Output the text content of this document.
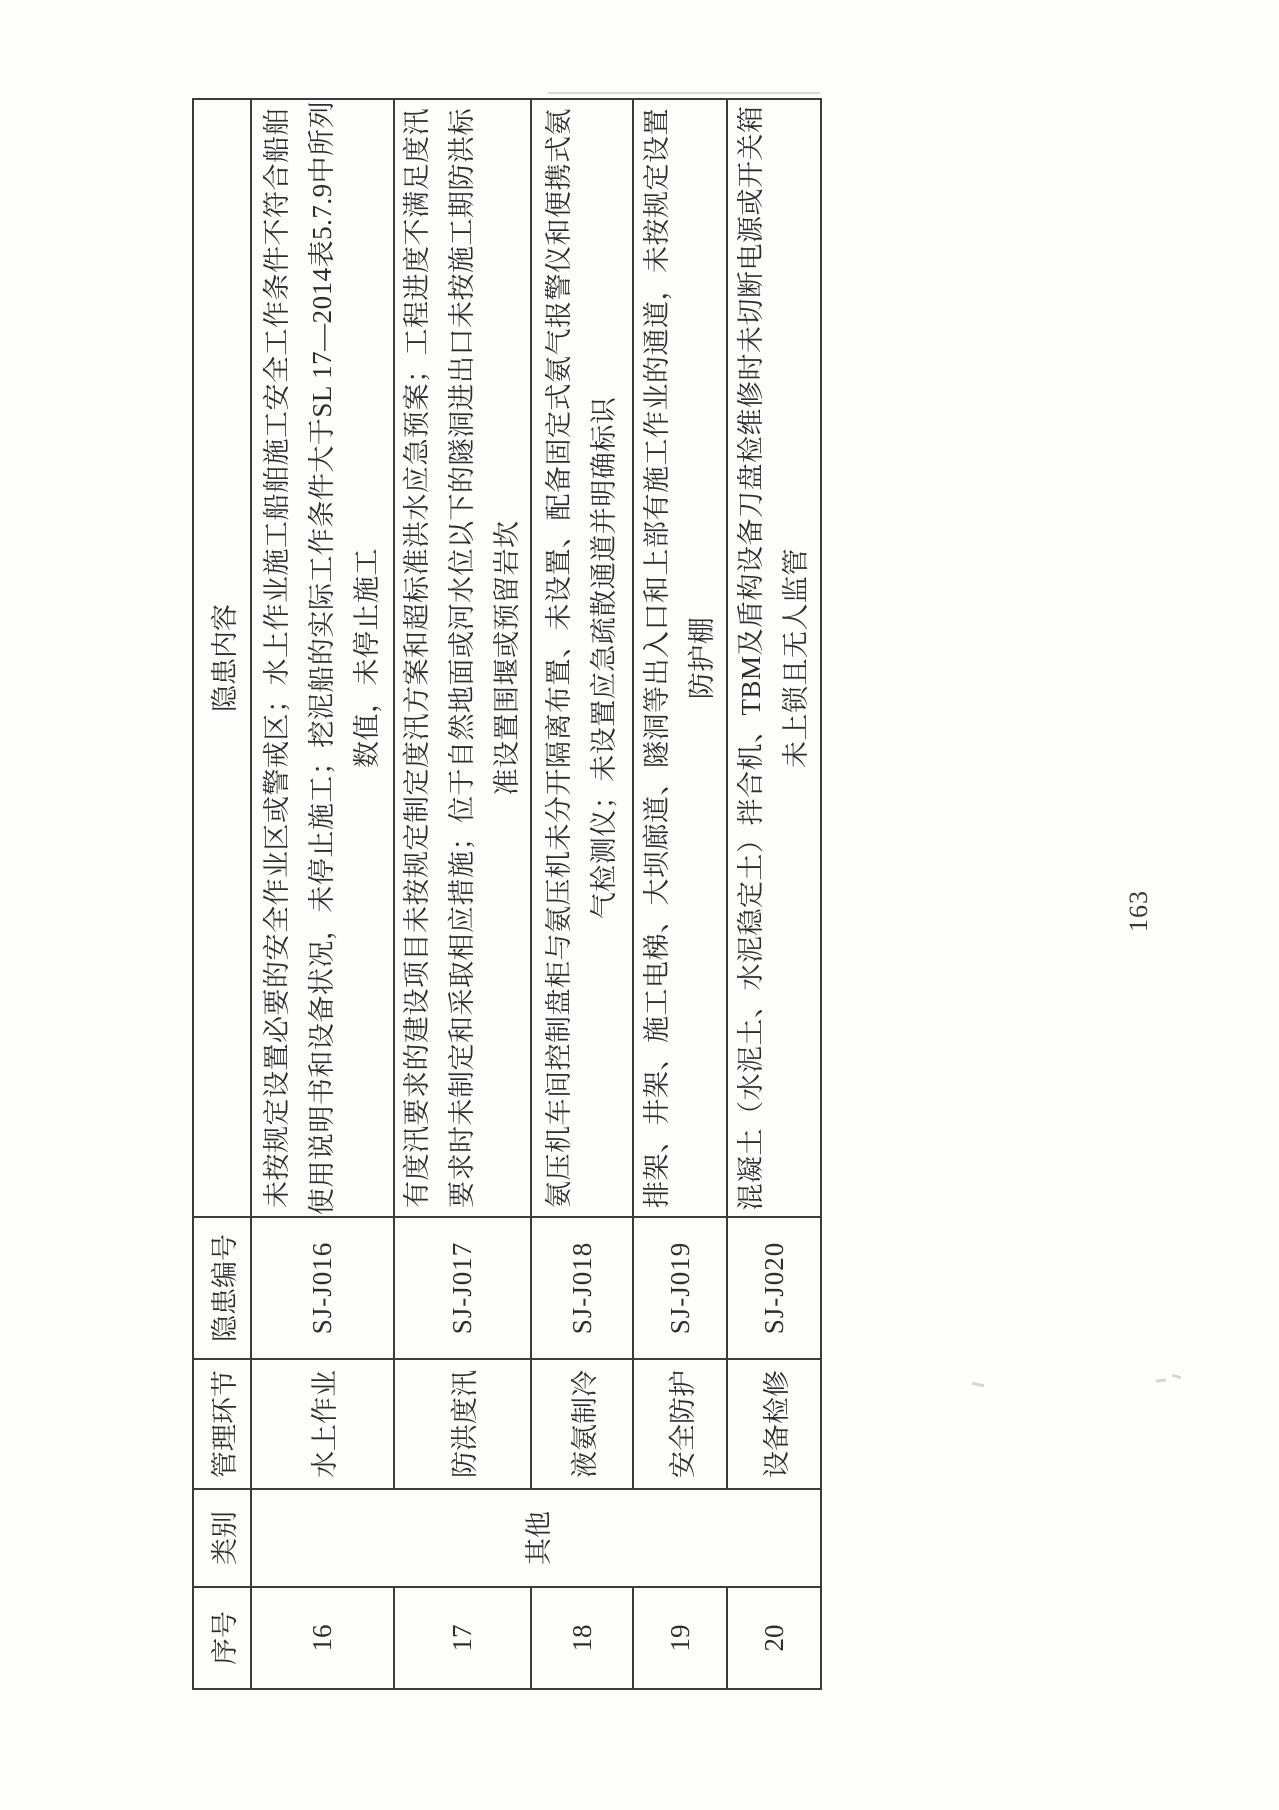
序号	类别	管理环节	隐患编号	隐患内容
16	其他	水上作业	SJ-J016	未按规定设置必要的安全作业区或警戒区；水上作业施工船舶施工安全工作条件不符合船舶使用说明书和设备状况，未停止施工；挖泥船的实际工作条件大于SL 17—2014表5.7.9中所列数值，未停止施工
17		防洪度汛	SJ-J017	有度汛要求的建设项目未按规定制定度汛方案和超标准洪水应急预案；工程进度不满足度汛要求时未制定和采取相应措施；位于自然地面或河水位以下的隧洞进出口未按施工期防洪标准设置围堰或预留岩坎
18		液氨制冷	SJ-J018	氨压机车间控制盘柜与氨压机未分开隔离布置、未设置、配备固定式氨气报警仪和便携式氨气检测仪；未设置应急疏散通道并明确标识
19		安全防护	SJ-J019	排架、井架、施工电梯、大坝廊道、隧洞等出入口和上部有施工作业的通道，未按规定设置防护棚
20		设备检修	SJ-J020	混凝土（水泥土、水泥稳定土）拌合机、TBM及盾构设备刀盘检维修时未切断电源或开关箱未上锁且无人监管
163
